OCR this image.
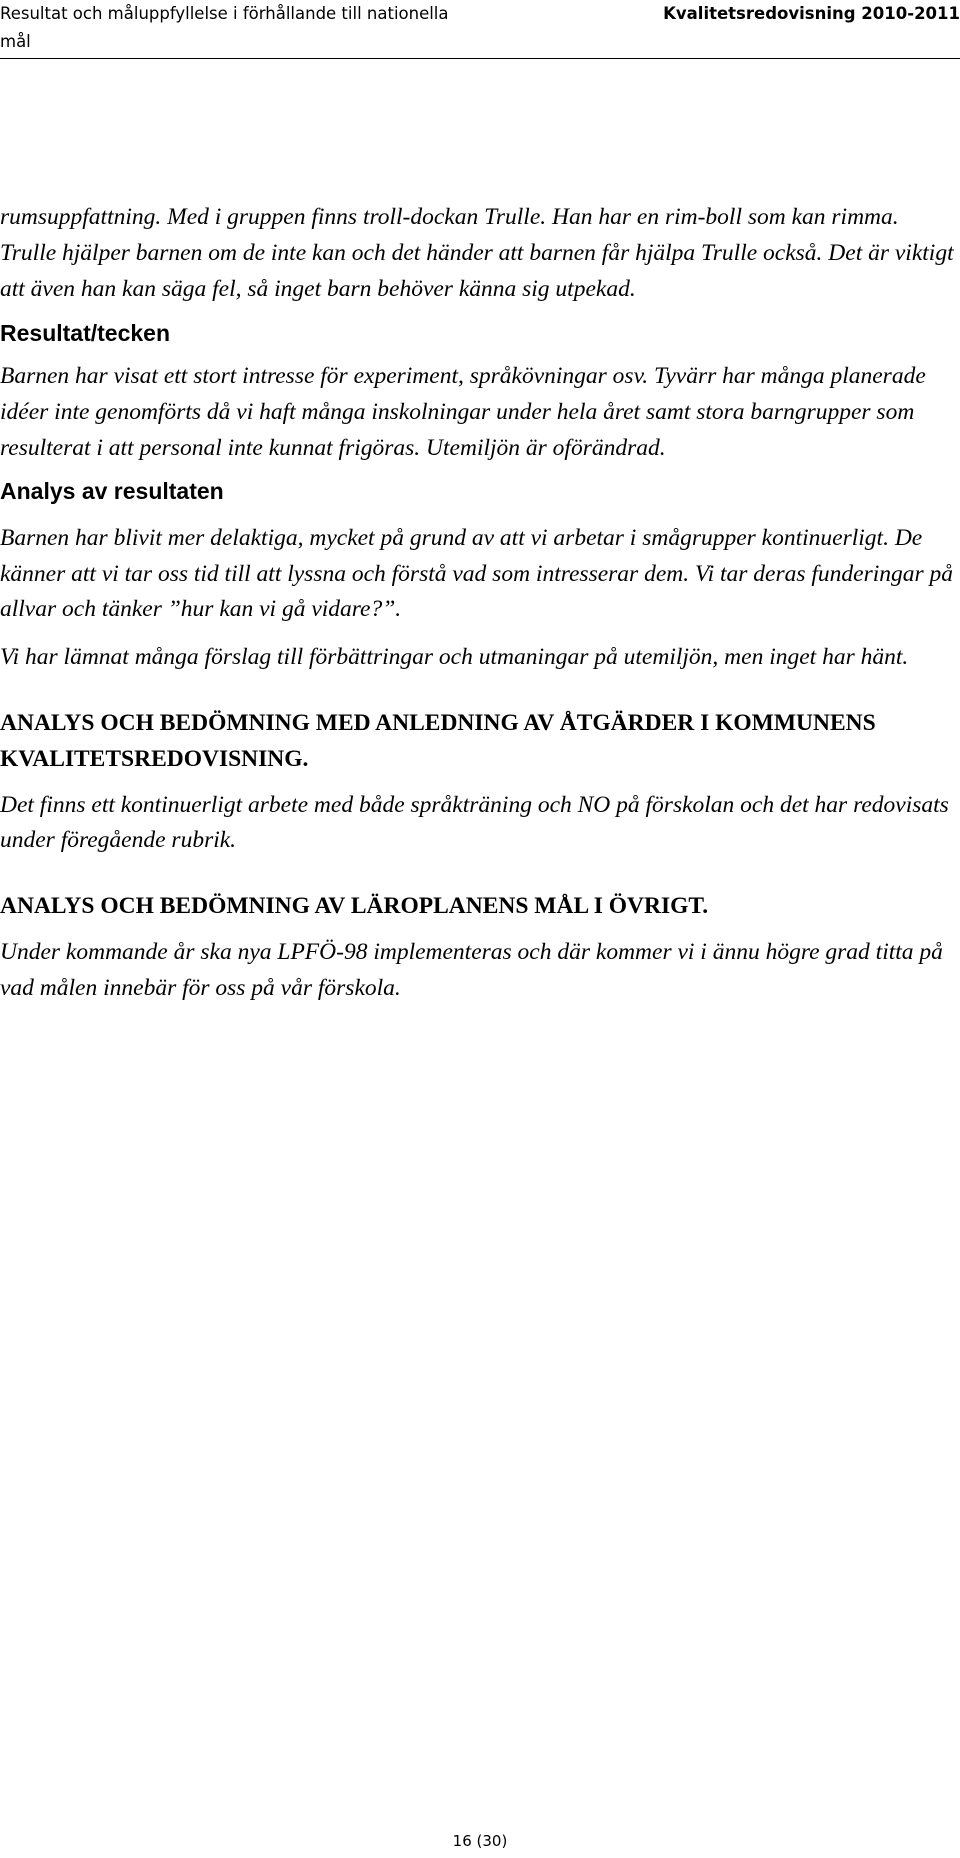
Resultat och måluppfyllelse i förhållande till nationella mål
Kvalitetsredovisning 2010-2011

rumsuppfattning. Med i gruppen finns troll-dockan Trulle. Han har en rim-boll som kan rimma. Trulle hjälper barnen om de inte kan och det händer att barnen får hjälpa Trulle också. Det är viktigt att även han kan säga fel, så inget barn behöver känna sig utpekad.

Resultat/tecken

Barnen har visat ett stort intresse för experiment, språkövningar osv. Tyvärr har många planerade idéer inte genomförts då vi haft många inskolningar under hela året samt stora barngrupper som resulterat i att personal inte kunnat frigöras. Utemiljön är oförändrad.

Analys av resultaten

Barnen har blivit mer delaktiga, mycket på grund av att vi arbetar i smågrupper kontinuerligt. De känner att vi tar oss tid till att lyssna och förstå vad som intresserar dem. Vi tar deras funderingar på allvar och tänker ”hur kan vi gå vidare?”.

Vi har lämnat många förslag till förbättringar och utmaningar på utemiljön, men inget har hänt.

ANALYS OCH BEDÖMNING MED ANLEDNING AV ÅTGÄRDER I KOMMUNENS KVALITETSREDOVISNING.

Det finns ett kontinuerligt arbete med både språkträning och NO på förskolan och det har redovisats under föregående rubrik.

ANALYS OCH BEDÖMNING AV LÄROPLANENS MÅL I ÖVRIGT.

Under kommande år ska nya LPFÖ-98 implementeras och där kommer vi i ännu högre grad titta på vad målen innebär för oss på vår förskola.

16 (30)
